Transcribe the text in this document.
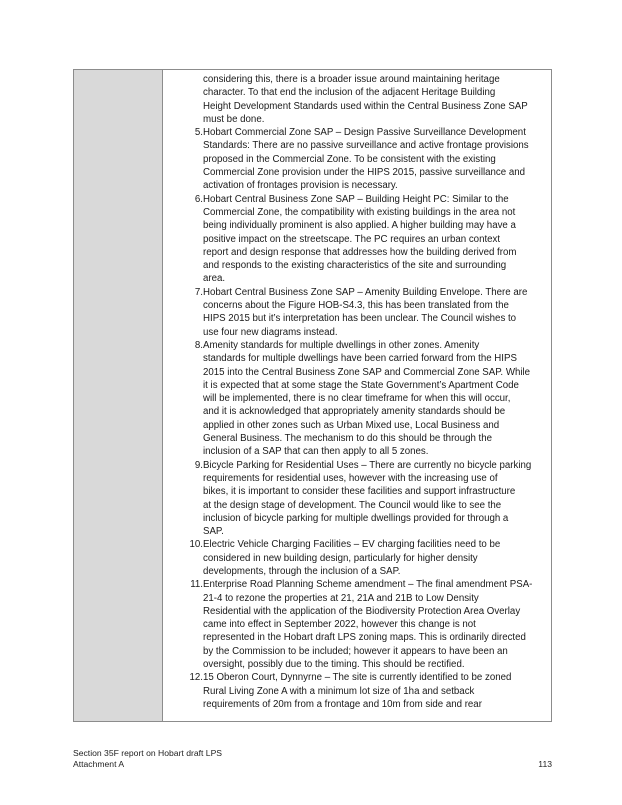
considering this, there is a broader issue around maintaining heritage
character. To that end the inclusion of the adjacent Heritage Building
Height Development Standards used within the Central Business Zone SAP
must be done.
5. Hobart Commercial Zone SAP – Design Passive Surveillance Development
Standards: There are no passive surveillance and active frontage provisions
proposed in the Commercial Zone. To be consistent with the existing
Commercial Zone provision under the HIPS 2015, passive surveillance and
activation of frontages provision is necessary.
6. Hobart Central Business Zone SAP – Building Height PC: Similar to the
Commercial Zone, the compatibility with existing buildings in the area not
being individually prominent is also applied. A higher building may have a
positive impact on the streetscape. The PC requires an urban context
report and design response that addresses how the building derived from
and responds to the existing characteristics of the site and surrounding
area.
7. Hobart Central Business Zone SAP – Amenity Building Envelope. There are
concerns about the Figure HOB-S4.3, this has been translated from the
HIPS 2015 but it’s interpretation has been unclear. The Council wishes to
use four new diagrams instead.
8. Amenity standards for multiple dwellings in other zones. Amenity
standards for multiple dwellings have been carried forward from the HIPS
2015 into the Central Business Zone SAP and Commercial Zone SAP. While
it is expected that at some stage the State Government’s Apartment Code
will be implemented, there is no clear timeframe for when this will occur,
and it is acknowledged that appropriately amenity standards should be
applied in other zones such as Urban Mixed use, Local Business and
General Business. The mechanism to do this should be through the
inclusion of a SAP that can then apply to all 5 zones.
9. Bicycle Parking for Residential Uses – There are currently no bicycle parking
requirements for residential uses, however with the increasing use of
bikes, it is important to consider these facilities and support infrastructure
at the design stage of development. The Council would like to see the
inclusion of bicycle parking for multiple dwellings provided for through a
SAP.
10. Electric Vehicle Charging Facilities – EV charging facilities need to be
considered in new building design, particularly for higher density
developments, through the inclusion of a SAP.
11. Enterprise Road Planning Scheme amendment – The final amendment PSA-
21-4 to rezone the properties at 21, 21A and 21B to Low Density
Residential with the application of the Biodiversity Protection Area Overlay
came into effect in September 2022, however this change is not
represented in the Hobart draft LPS zoning maps. This is ordinarily directed
by the Commission to be included; however it appears to have been an
oversight, possibly due to the timing. This should be rectified.
12. 15 Oberon Court, Dynnyrne – The site is currently identified to be zoned
Rural Living Zone A with a minimum lot size of 1ha and setback
requirements of 20m from a frontage and 10m from side and rear
Section 35F report on Hobart draft LPS
Attachment A	113
